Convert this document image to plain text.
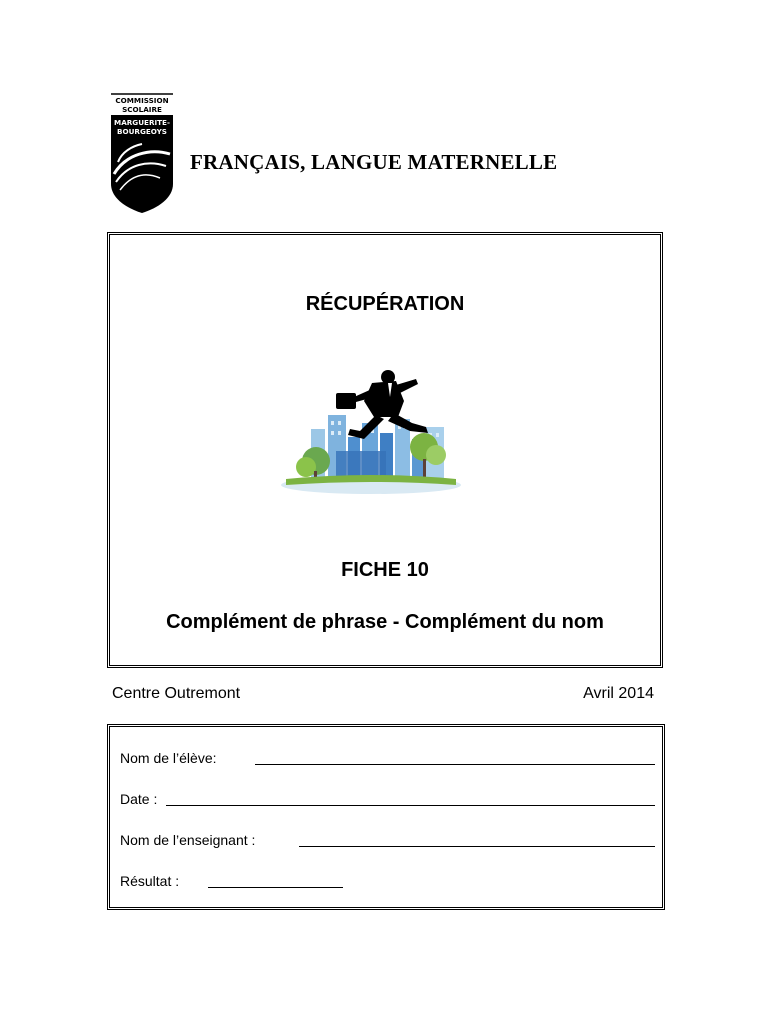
COMMISSION
SCOLAIRE
MARGUERITE-
BOURGEOYS
FRANÇAIS, LANGUE MATERNELLE
RÉCUPÉRATION
FICHE 10
Complément de phrase - Complément du nom
Centre Outremont	Avril 2014
Nom de l’élève:
Date :
Nom de l’enseignant :
Résultat :
